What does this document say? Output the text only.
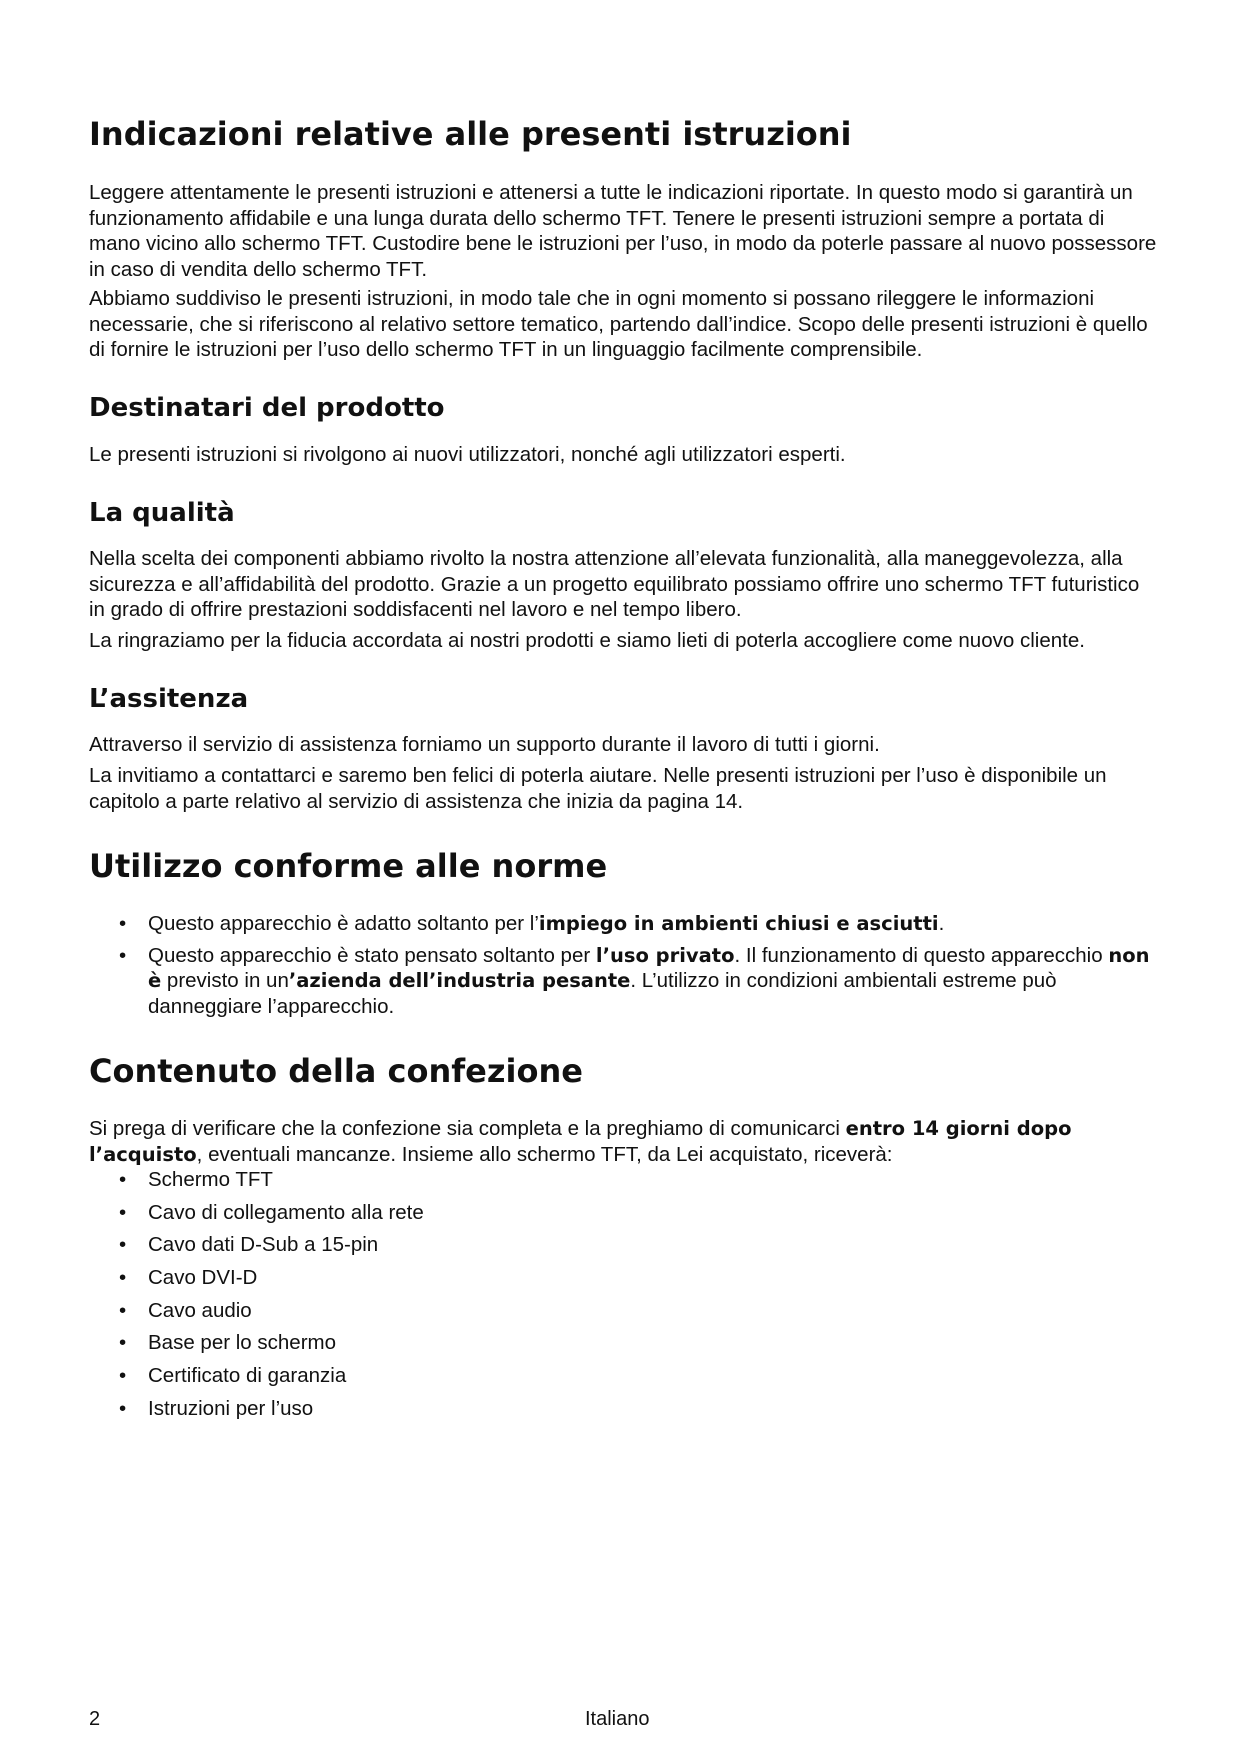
Indicazioni relative alle presenti istruzioni

Leggere attentamente le presenti istruzioni e attenersi a tutte le indicazioni riportate. In questo modo si garantirà un funzionamento affidabile e una lunga durata dello schermo TFT. Tenere le presenti istruzioni sempre a portata di mano vicino allo schermo TFT. Custodire bene le istruzioni per l’uso, in modo da poterle passare al nuovo possessore in caso di vendita dello schermo TFT.

Abbiamo suddiviso le presenti istruzioni, in modo tale che in ogni momento si possano rileggere le informazioni necessarie, che si riferiscono al relativo settore tematico, partendo dall’indice. Scopo delle presenti istruzioni è quello di fornire le istruzioni per l’uso dello schermo TFT in un linguaggio facilmente comprensibile.

Destinatari del prodotto

Le presenti istruzioni si rivolgono ai nuovi utilizzatori, nonché agli utilizzatori esperti.

La qualità

Nella scelta dei componenti abbiamo rivolto la nostra attenzione all’elevata funzionalità, alla maneggevolezza, alla sicurezza e all’affidabilità del prodotto. Grazie a un progetto equilibrato possiamo offrire uno schermo TFT futuristico in grado di offrire prestazioni soddisfacenti nel lavoro e nel tempo libero.

La ringraziamo per la fiducia accordata ai nostri prodotti e siamo lieti di poterla accogliere come nuovo cliente.

L’assitenza

Attraverso il servizio di assistenza forniamo un supporto durante il lavoro di tutti i giorni.

La invitiamo a contattarci e saremo ben felici di poterla aiutare. Nelle presenti istruzioni per l’uso è disponibile un capitolo a parte relativo al servizio di assistenza che inizia da pagina 14.

Utilizzo conforme alle norme
• Questo apparecchio è adatto soltanto per l’impiego in ambienti chiusi e asciutti.
• Questo apparecchio è stato pensato soltanto per l’uso privato. Il funzionamento di questo apparecchio non è previsto in un’azienda dell’industria pesante. L’utilizzo in condizioni ambientali estreme può danneggiare l’apparecchio.
Contenuto della confezione

Si prega di verificare che la confezione sia completa e la preghiamo di comunicarci entro 14 giorni dopo l’acquisto, eventuali mancanze. Insieme allo schermo TFT, da Lei acquistato, riceverà:

• Schermo TFT
• Cavo di collegamento alla rete
• Cavo dati D-Sub a 15-pin
• Cavo DVI-D
• Cavo audio
• Base per lo schermo
• Certificato di garanzia
• Istruzioni per l’uso
2	Italiano
